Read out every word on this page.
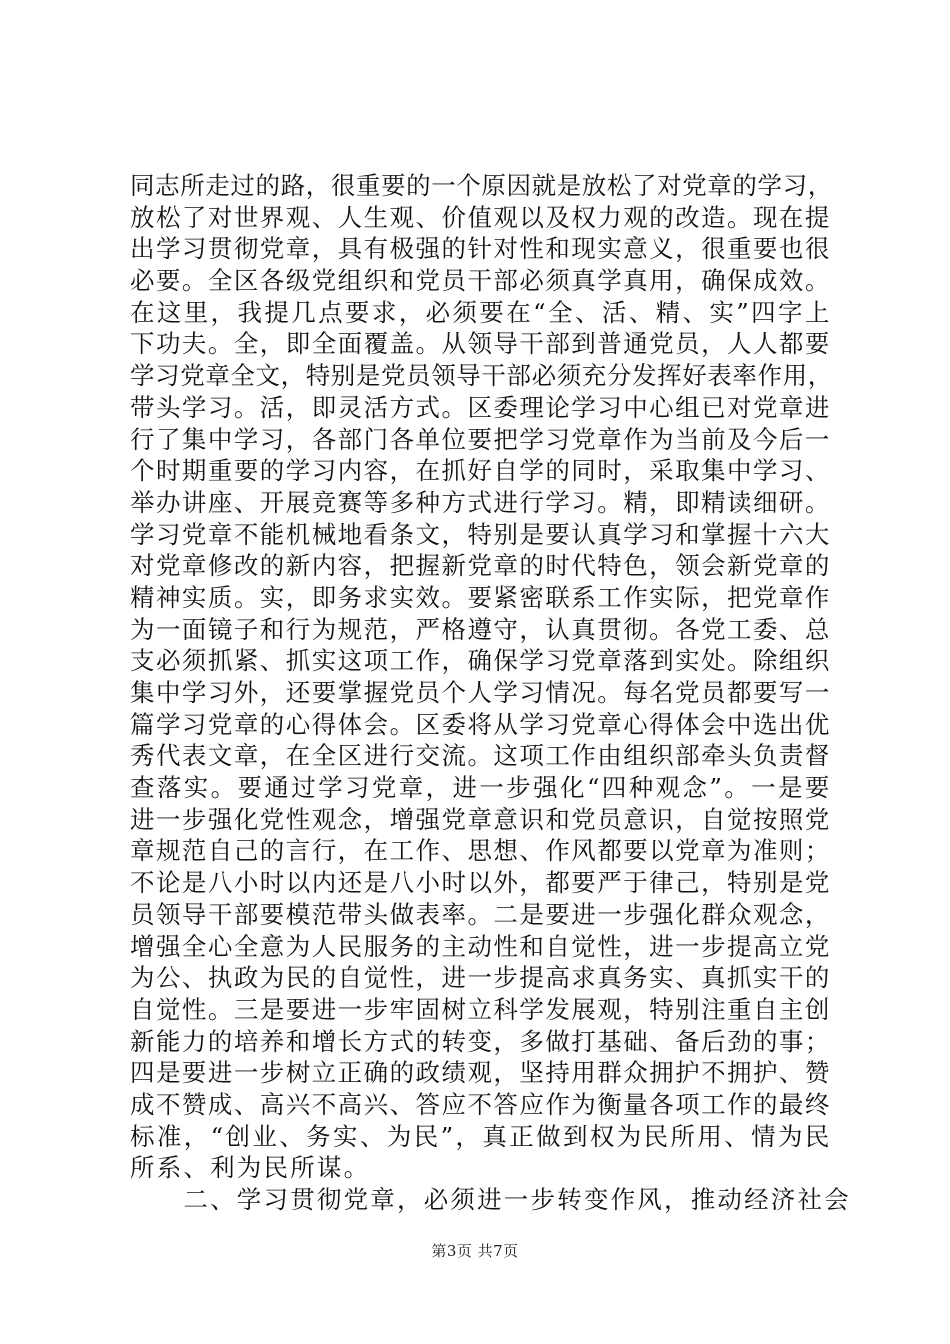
同志所走过的路，很重要的一个原因就是放松了对党章的学习，
放松了对世界观、人生观、价值观以及权力观的改造。现在提
出学习贯彻党章，具有极强的针对性和现实意义，很重要也很
必要。全区各级党组织和党员干部必须真学真用，确保成效。
在这里，我提几点要求，必须要在“全、活、精、实”四字上
下功夫。全，即全面覆盖。从领导干部到普通党员，人人都要
学习党章全文，特别是党员领导干部必须充分发挥好表率作用，
带头学习。活，即灵活方式。区委理论学习中心组已对党章进
行了集中学习，各部门各单位要把学习党章作为当前及今后一
个时期重要的学习内容，在抓好自学的同时，采取集中学习、
举办讲座、开展竞赛等多种方式进行学习。精，即精读细研。
学习党章不能机械地看条文，特别是要认真学习和掌握十六大
对党章修改的新内容，把握新党章的时代特色，领会新党章的
精神实质。实，即务求实效。要紧密联系工作实际，把党章作
为一面镜子和行为规范，严格遵守，认真贯彻。各党工委、总
支必须抓紧、抓实这项工作，确保学习党章落到实处。除组织
集中学习外，还要掌握党员个人学习情况。每名党员都要写一
篇学习党章的心得体会。区委将从学习党章心得体会中选出优
秀代表文章，在全区进行交流。这项工作由组织部牵头负责督
查落实。要通过学习党章，进一步强化“四种观念”。一是要
进一步强化党性观念，增强党章意识和党员意识，自觉按照党
章规范自己的言行，在工作、思想、作风都要以党章为准则；
不论是八小时以内还是八小时以外，都要严于律己，特别是党
员领导干部要模范带头做表率。二是要进一步强化群众观念，
增强全心全意为人民服务的主动性和自觉性，进一步提高立党
为公、执政为民的自觉性，进一步提高求真务实、真抓实干的
自觉性。三是要进一步牢固树立科学发展观，特别注重自主创
新能力的培养和增长方式的转变，多做打基础、备后劲的事；
四是要进一步树立正确的政绩观，坚持用群众拥护不拥护、赞
成不赞成、高兴不高兴、答应不答应作为衡量各项工作的最终
标准，“创业、务实、为民”，真正做到权为民所用、情为民
所系、利为民所谋。
　　二、学习贯彻党章，必须进一步转变作风，推动经济社会
第3页 共7页
